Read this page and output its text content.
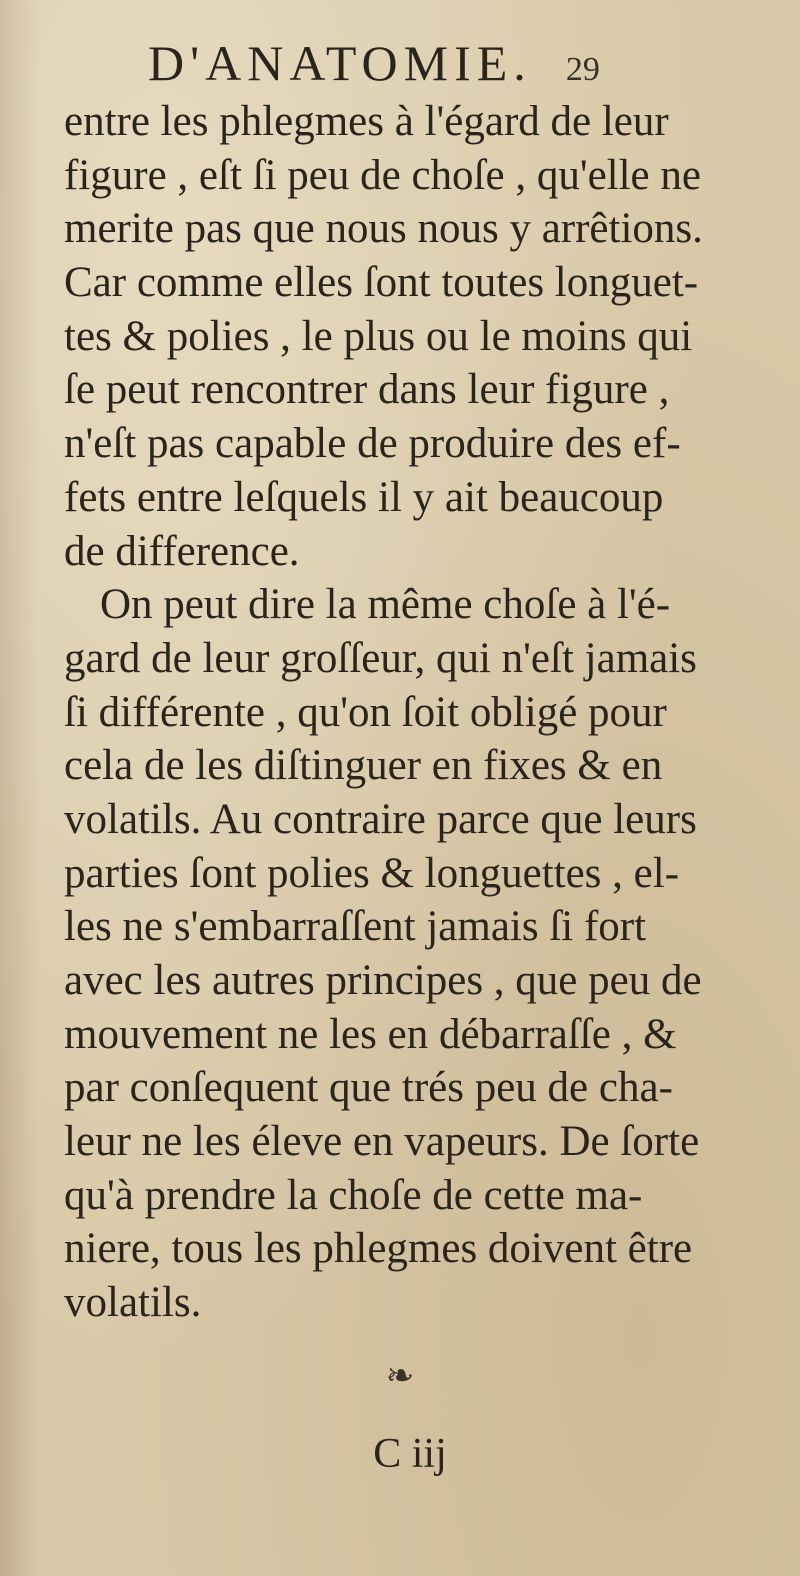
D'ANATOMIE. 29
entre les phlegmes à l'égard de leur
figure , eſt ſi peu de choſe , qu'elle ne
merite pas que nous nous y arrêtions.
Car comme elles ſont toutes longuet-
tes & polies , le plus ou le moins qui
ſe peut rencontrer dans leur figure ,
n'eſt pas capable de produire des ef-
fets entre leſquels il y ait beaucoup
de difference.
On peut dire la même choſe à l'é-
gard de leur groſſeur, qui n'eſt jamais
ſi différente , qu'on ſoit obligé pour
cela de les diſtinguer en fixes & en
volatils. Au contraire parce que leurs
parties ſont polies & longuettes , el-
les ne s'embarraſſent jamais ſi fort
avec les autres principes , que peu de
mouvement ne les en débarraſſe , &
par conſequent que trés peu de cha-
leur ne les éleve en vapeurs. De ſorte
qu'à prendre la choſe de cette ma-
niere, tous les phlegmes doivent être
volatils.
❧
C iij
